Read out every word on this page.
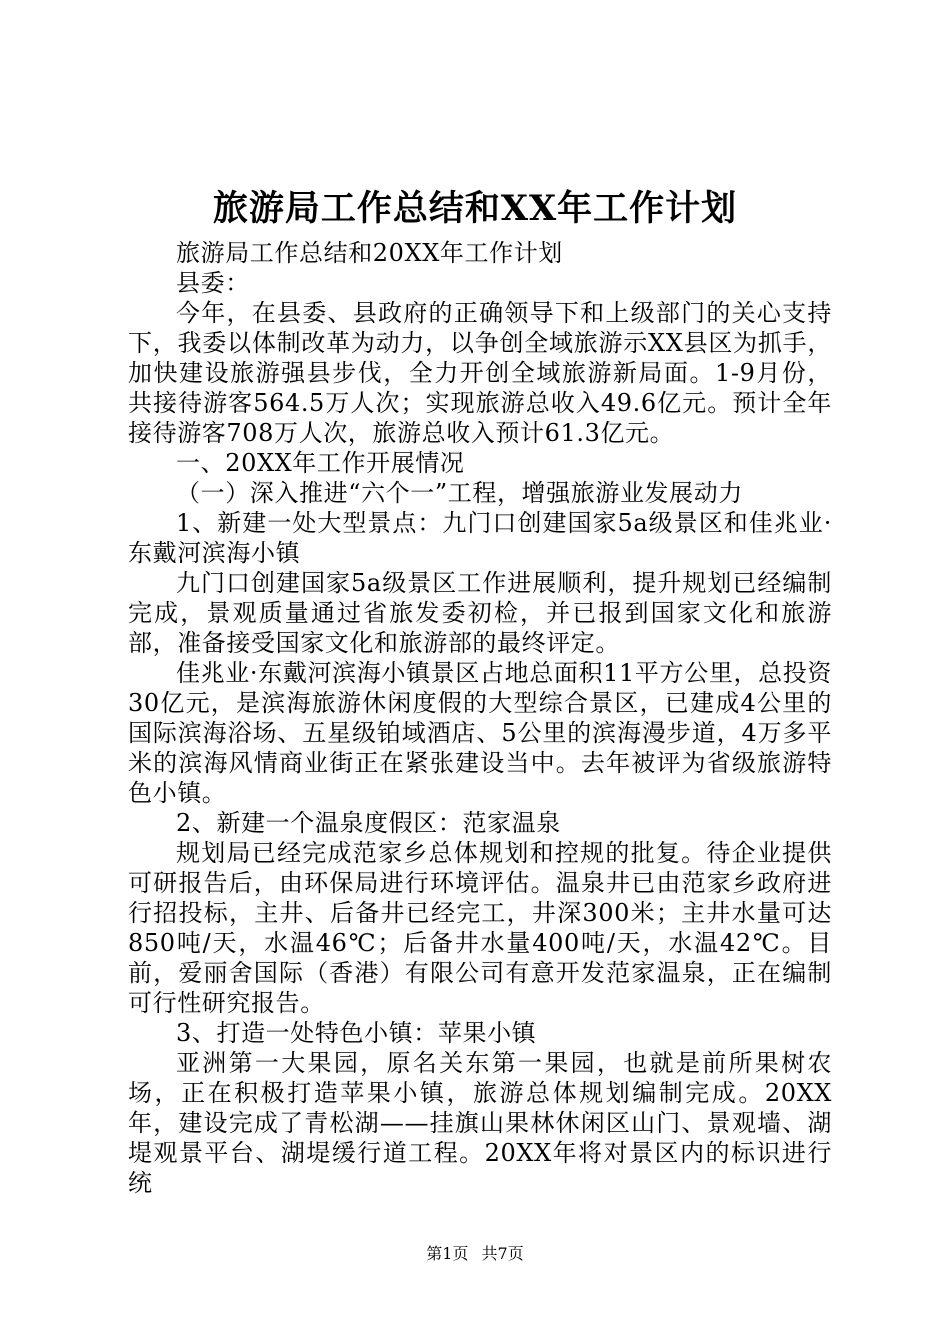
旅游局工作总结和XX年工作计划

旅游局工作总结和20XX年工作计划

县委：

今年，在县委、县政府的正确领导下和上级部门的关心支持下，我委以体制改革为动力，以争创全域旅游示XX县区为抓手，加快建设旅游强县步伐，全力开创全域旅游新局面。1-9月份，共接待游客564.5万人次；实现旅游总收入49.6亿元。预计全年接待游客708万人次，旅游总收入预计61.3亿元。

一、20XX年工作开展情况

（一）深入推进“六个一”工程，增强旅游业发展动力

1、新建一处大型景点：九门口创建国家5a级景区和佳兆业·东戴河滨海小镇

九门口创建国家5a级景区工作进展顺利，提升规划已经编制完成，景观质量通过省旅发委初检，并已报到国家文化和旅游部，准备接受国家文化和旅游部的最终评定。

佳兆业·东戴河滨海小镇景区占地总面积11平方公里，总投资30亿元，是滨海旅游休闲度假的大型综合景区，已建成4公里的国际滨海浴场、五星级铂域酒店、5公里的滨海漫步道，4万多平米的滨海风情商业街正在紧张建设当中。去年被评为省级旅游特色小镇。

2、新建一个温泉度假区：范家温泉

规划局已经完成范家乡总体规划和控规的批复。待企业提供可研报告后，由环保局进行环境评估。温泉井已由范家乡政府进行招投标，主井、后备井已经完工，井深300米；主井水量可达850吨/天，水温46℃；后备井水量400吨/天，水温42℃。目前，爱丽舍国际（香港）有限公司有意开发范家温泉，正在编制可行性研究报告。

3、打造一处特色小镇：苹果小镇

亚洲第一大果园，原名关东第一果园，也就是前所果树农场，正在积极打造苹果小镇，旅游总体规划编制完成。20XX年，建设完成了青松湖——挂旗山果林休闲区山门、景观墙、湖堤观景平台、湖堤缓行道工程。20XX年将对景区内的标识进行统

第1页 共7页
